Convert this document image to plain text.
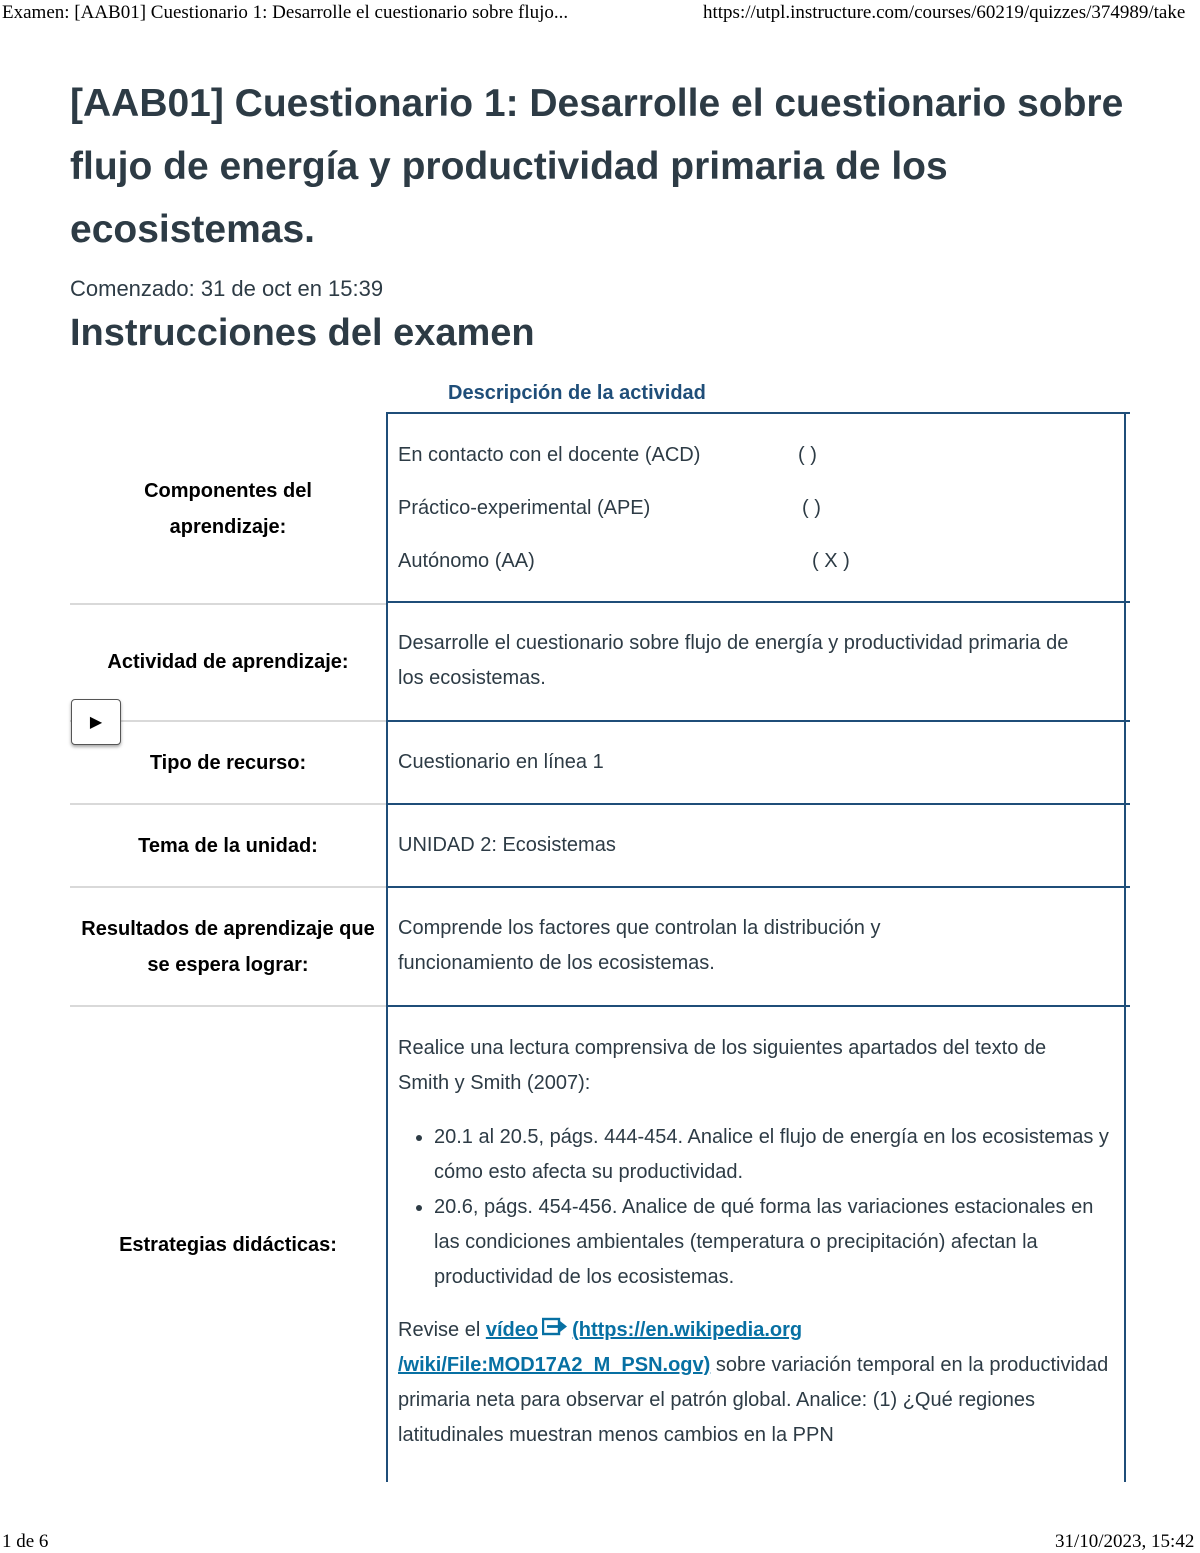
Examen: [AAB01] Cuestionario 1: Desarrolle el cuestionario sobre flujo...	https://utpl.instructure.com/courses/60219/quizzes/374989/take
1 de 6	31/10/2023, 15:42
[AAB01] Cuestionario 1: Desarrolle el cuestionario sobre flujo de energía y productividad primaria de los ecosistemas.
Comenzado: 31 de oct en 15:39
Instrucciones del examen
Descripción de la actividad
Componentes del aprendizaje:
En contacto con el docente (ACD)	( )
Práctico-experimental (APE)	( )
Autónomo (AA)	( X )
Actividad de aprendizaje:
Desarrolle el cuestionario sobre flujo de energía y productividad primaria de los ecosistemas.
Tipo de recurso:	Cuestionario en línea 1
Tema de la unidad:	UNIDAD 2: Ecosistemas
Resultados de aprendizaje que se espera lograr:
Comprende los factores que controlan la distribución y funcionamiento de los ecosistemas.
Estrategias didácticas:
Realice una lectura comprensiva de los siguientes apartados del texto de Smith y Smith (2007):
• 20.1 al 20.5, págs. 444-454. Analice el flujo de energía en los ecosistemas y cómo esto afecta su productividad.
• 20.6, págs. 454-456. Analice de qué forma las variaciones estacionales en las condiciones ambientales (temperatura o precipitación) afectan la productividad de los ecosistemas.
Revise el vídeo (https://en.wikipedia.org /wiki/File:MOD17A2_M_PSN.ogv) sobre variación temporal en la productividad primaria neta para observar el patrón global. Analice: (1) ¿Qué regiones latitudinales muestran menos cambios en la PPN
▶
